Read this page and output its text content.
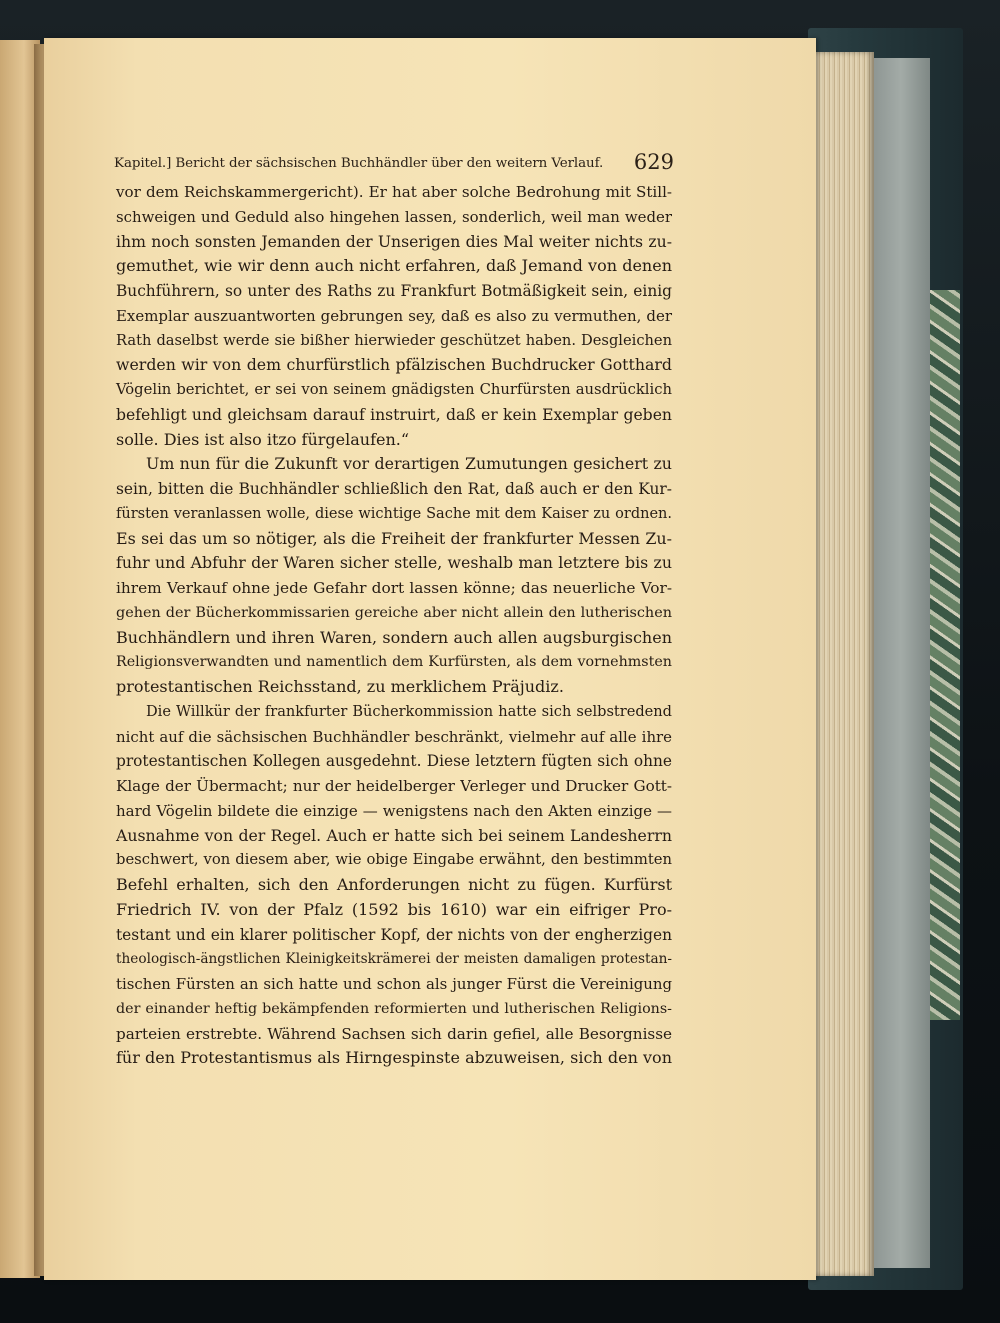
Kapitel.] Bericht der sächsischen Buchhändler über den weitern Verlauf. 629
vor dem Reichskammergericht). Er hat aber solche Bedrohung mit Still-
schweigen und Geduld also hingehen lassen, sonderlich, weil man weder
ihm noch sonsten Jemanden der Unserigen dies Mal weiter nichts zu-
gemuthet, wie wir denn auch nicht erfahren, daß Jemand von denen
Buchführern, so unter des Raths zu Frankfurt Botmäßigkeit sein, einig
Exemplar auszuantworten gebrungen sey, daß es also zu vermuthen, der
Rath daselbst werde sie bißher hierwieder geschützet haben. Desgleichen
werden wir von dem churfürstlich pfälzischen Buchdrucker Gotthard
Vögelin berichtet, er sei von seinem gnädigsten Churfürsten ausdrücklich
befehligt und gleichsam darauf instruirt, daß er kein Exemplar geben
solle. Dies ist also itzo fürgelaufen.“
Um nun für die Zukunft vor derartigen Zumutungen gesichert zu
sein, bitten die Buchhändler schließlich den Rat, daß auch er den Kur-
fürsten veranlassen wolle, diese wichtige Sache mit dem Kaiser zu ordnen.
Es sei das um so nötiger, als die Freiheit der frankfurter Messen Zu-
fuhr und Abfuhr der Waren sicher stelle, weshalb man letztere bis zu
ihrem Verkauf ohne jede Gefahr dort lassen könne; das neuerliche Vor-
gehen der Bücherkommissarien gereiche aber nicht allein den lutherischen
Buchhändlern und ihren Waren, sondern auch allen augsburgischen
Religionsverwandten und namentlich dem Kurfürsten, als dem vornehmsten
protestantischen Reichsstand, zu merklichem Präjudiz.
Die Willkür der frankfurter Bücherkommission hatte sich selbstredend
nicht auf die sächsischen Buchhändler beschränkt, vielmehr auf alle ihre
protestantischen Kollegen ausgedehnt. Diese letztern fügten sich ohne
Klage der Übermacht; nur der heidelberger Verleger und Drucker Gott-
hard Vögelin bildete die einzige — wenigstens nach den Akten einzige —
Ausnahme von der Regel. Auch er hatte sich bei seinem Landesherrn
beschwert, von diesem aber, wie obige Eingabe erwähnt, den bestimmten
Befehl erhalten, sich den Anforderungen nicht zu fügen. Kurfürst
Friedrich IV. von der Pfalz (1592 bis 1610) war ein eifriger Pro-
testant und ein klarer politischer Kopf, der nichts von der engherzigen
theologisch-ängstlichen Kleinigkeitskrämerei der meisten damaligen protestan-
tischen Fürsten an sich hatte und schon als junger Fürst die Vereinigung
der einander heftig bekämpfenden reformierten und lutherischen Religions-
parteien erstrebte. Während Sachsen sich darin gefiel, alle Besorgnisse
für den Protestantismus als Hirngespinste abzuweisen, sich den von
